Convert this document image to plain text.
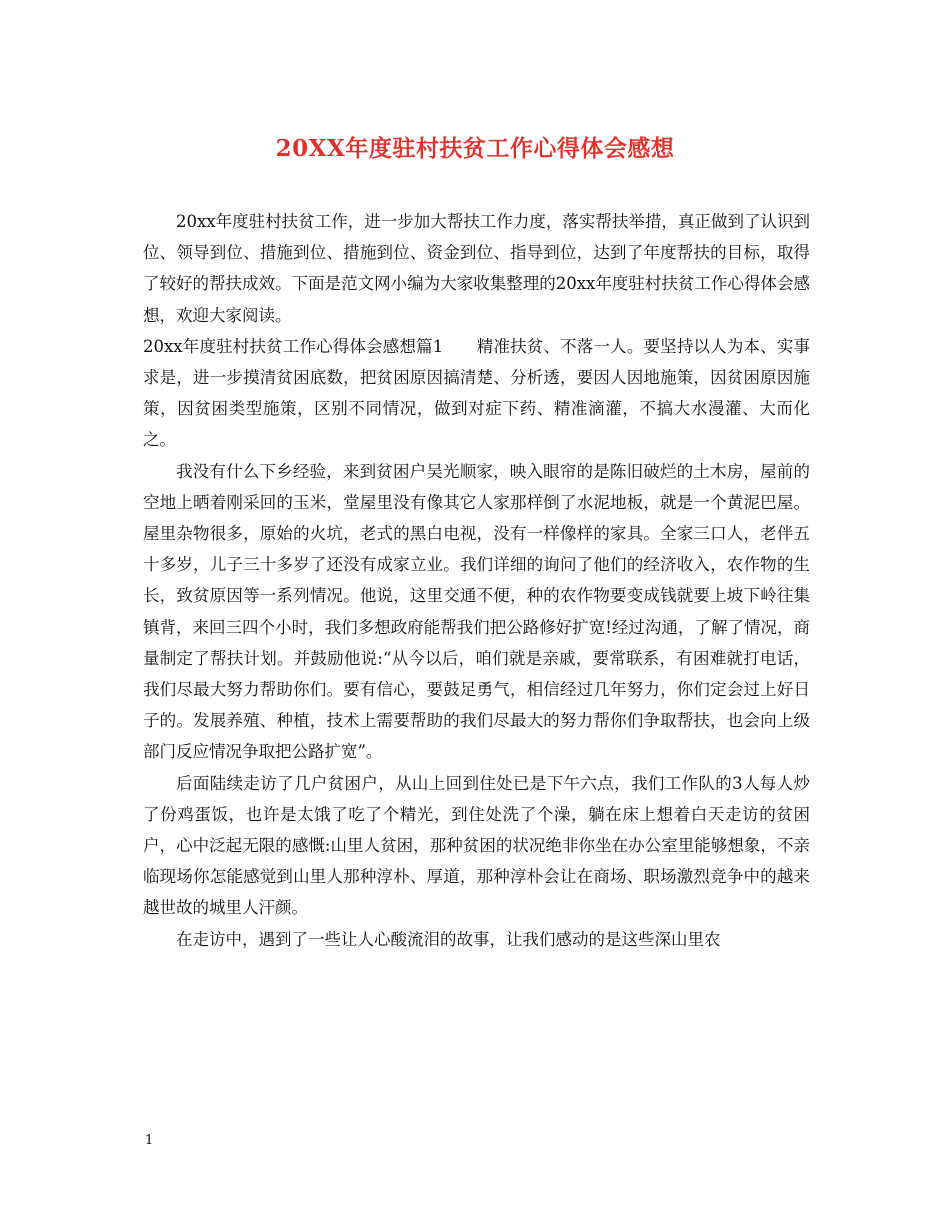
20XX年度驻村扶贫工作心得体会感想

20xx年度驻村扶贫工作，进一步加大帮扶工作力度，落实帮扶举措，真正做到了认识到位、领导到位、措施到位、措施到位、资金到位、指导到位，达到了年度帮扶的目标，取得了较好的帮扶成效。下面是范文网小编为大家收集整理的20xx年度驻村扶贫工作心得体会感想，欢迎大家阅读。

20xx年度驻村扶贫工作心得体会感想篇1　　精准扶贫、不落一人。要坚持以人为本、实事求是，进一步摸清贫困底数，把贫困原因搞清楚、分析透，要因人因地施策，因贫困原因施策，因贫困类型施策，区别不同情况，做到对症下药、精准滴灌，不搞大水漫灌、大而化之。

我没有什么下乡经验，来到贫困户吴光顺家，映入眼帘的是陈旧破烂的土木房，屋前的空地上晒着刚采回的玉米，堂屋里没有像其它人家那样倒了水泥地板，就是一个黄泥巴屋。屋里杂物很多，原始的火坑，老式的黑白电视，没有一样像样的家具。全家三口人，老伴五十多岁，儿子三十多岁了还没有成家立业。我们详细的询问了他们的经济收入，农作物的生长，致贫原因等一系列情况。他说，这里交通不便，种的农作物要变成钱就要上坡下岭往集镇背，来回三四个小时，我们多想政府能帮我们把公路修好扩宽!经过沟通，了解了情况，商量制定了帮扶计划。并鼓励他说:“从今以后，咱们就是亲戚，要常联系，有困难就打电话，我们尽最大努力帮助你们。要有信心，要鼓足勇气，相信经过几年努力，你们定会过上好日子的。发展养殖、种植，技术上需要帮助的我们尽最大的努力帮你们争取帮扶，也会向上级部门反应情况争取把公路扩宽”。

后面陆续走访了几户贫困户，从山上回到住处已是下午六点，我们工作队的3人每人炒了份鸡蛋饭，也许是太饿了吃了个精光，到住处洗了个澡，躺在床上想着白天走访的贫困户，心中泛起无限的感慨:山里人贫困，那种贫困的状况绝非你坐在办公室里能够想象，不亲临现场你怎能感觉到山里人那种淳朴、厚道，那种淳朴会让在商场、职场激烈竞争中的越来越世故的城里人汗颜。

在走访中，遇到了一些让人心酸流泪的故事，让我们感动的是这些深山里农

1
